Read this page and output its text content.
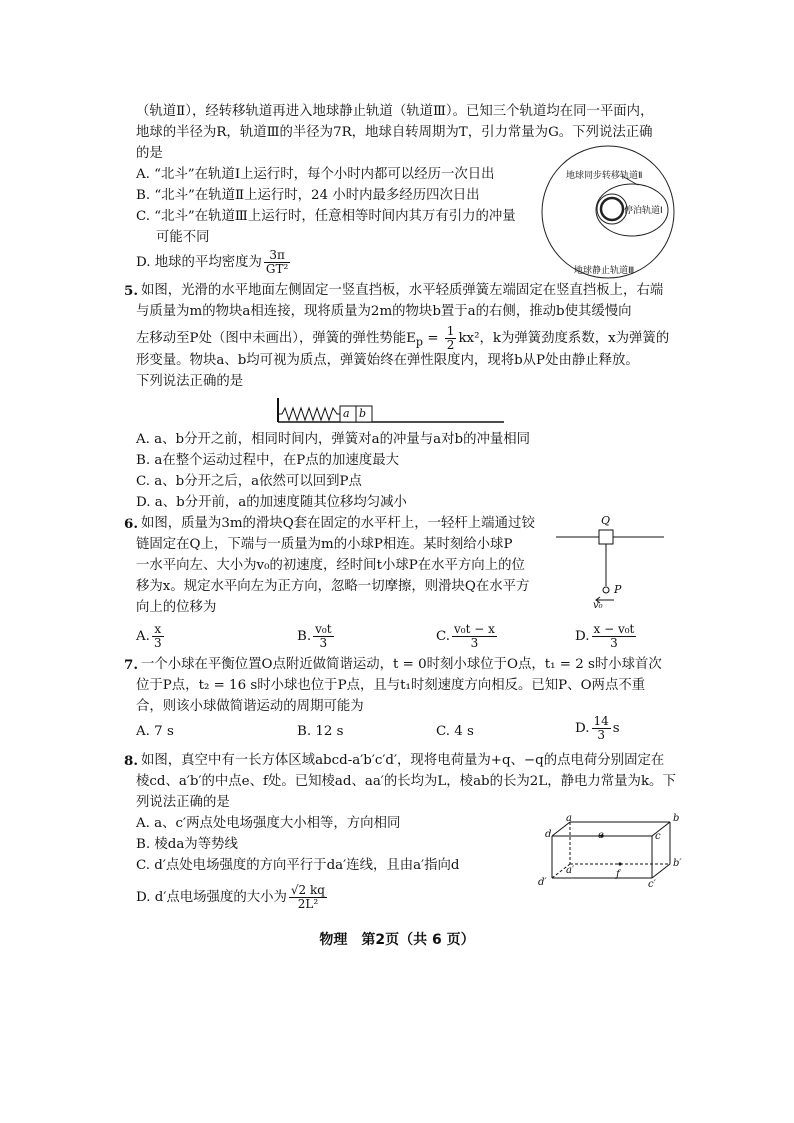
（轨道Ⅱ），经转移轨道再进入地球静止轨道（轨道Ⅲ）。已知三个轨道均在同一平面内，
地球的半径为R，轨道Ⅲ的半径为7R，地球自转周期为T，引力常量为G。下列说法正确
的是
A. “北斗”在轨道Ⅰ上运行时，每个小时内都可以经历一次日出
B. “北斗”在轨道Ⅱ上运行时，24 小时内最多经历四次日出
C. “北斗”在轨道Ⅲ上运行时，任意相等时间内其万有引力的冲量
可能不同
D. 地球的平均密度为 $\frac{3\pi}{\text{GT²}}$
地球同步转移轨道Ⅱ
停泊轨道Ⅰ
地球静止轨道Ⅲ
5. 如图，光滑的水平地面左侧固定一竖直挡板，水平轻质弹簧左端固定在竖直挡板上，右端
与质量为m的物块a相连接，现将质量为2m的物块b置于a的右侧，推动b使其缓慢向
左移动至P处（图中未画出），弹簧的弹性势能$E_p = \frac{1}{2} kx^2$，k为弹簧劲度系数，x为弹簧的
形变量。物块a、b均可视为质点，弹簧始终在弹性限度内，现将b从P处由静止释放。
下列说法正确的是
a b
A. a、b分开之前，相同时间内，弹簧对a的冲量与a对b的冲量相同
B. a在整个运动过程中，在P点的加速度最大
C. a、b分开之后，a依然可以回到P点
D. a、b分开前，a的加速度随其位移均匀减小
6. 如图，质量为3m的滑块Q套在固定的水平杆上，一轻杆上端通过铰
链固定在Q上，下端与一质量为m的小球P相连。某时刻给小球P
一水平向左、大小为v₀的初速度，经时间t小球P在水平方向上的位
移为x。规定水平向左为正方向，忽略一切摩擦，则滑块Q在水平方
向上的位移为
Q
P
v₀
A. $\frac{x}{3}$	B. $\frac{\text{v₀t}}{3}$	C. $\frac{\text{v₀t − x}}{3}$	D. $\frac{\text{x − v₀t}}{3}$
7. 一个小球在平衡位置O点附近做简谐运动，t = 0时刻小球位于O点，t₁ = 2 s时小球首次
位于P点，t₂ = 16 s时小球也位于P点，且与t₁时刻速度方向相反。已知P、O两点不重
合，则该小球做简谐运动的周期可能为
A. 7 s	B. 12 s	C. 4 s	D. $\frac{14}{3}$ s
8. 如图，真空中有一长方体区域abcd-a′b′c′d′，现将电荷量为+q、−q的点电荷分别固定在
棱cd、a′b′的中点e、f处。已知棱ad、aa′的长均为L，棱ab的长为2L，静电力常量为k。下
列说法正确的是
A. a、c′两点处电场强度大小相等，方向相同
B. 棱da为等势线
C. d′点处电场强度的方向平行于da′连线，且由a′指向d
D. d′点电场强度的大小为 $\frac{√2 kq}{\text{2L²}}$
a	b
c
d	e
f
a′
b′
c′
d′
物理　第2页（共 6 页）
